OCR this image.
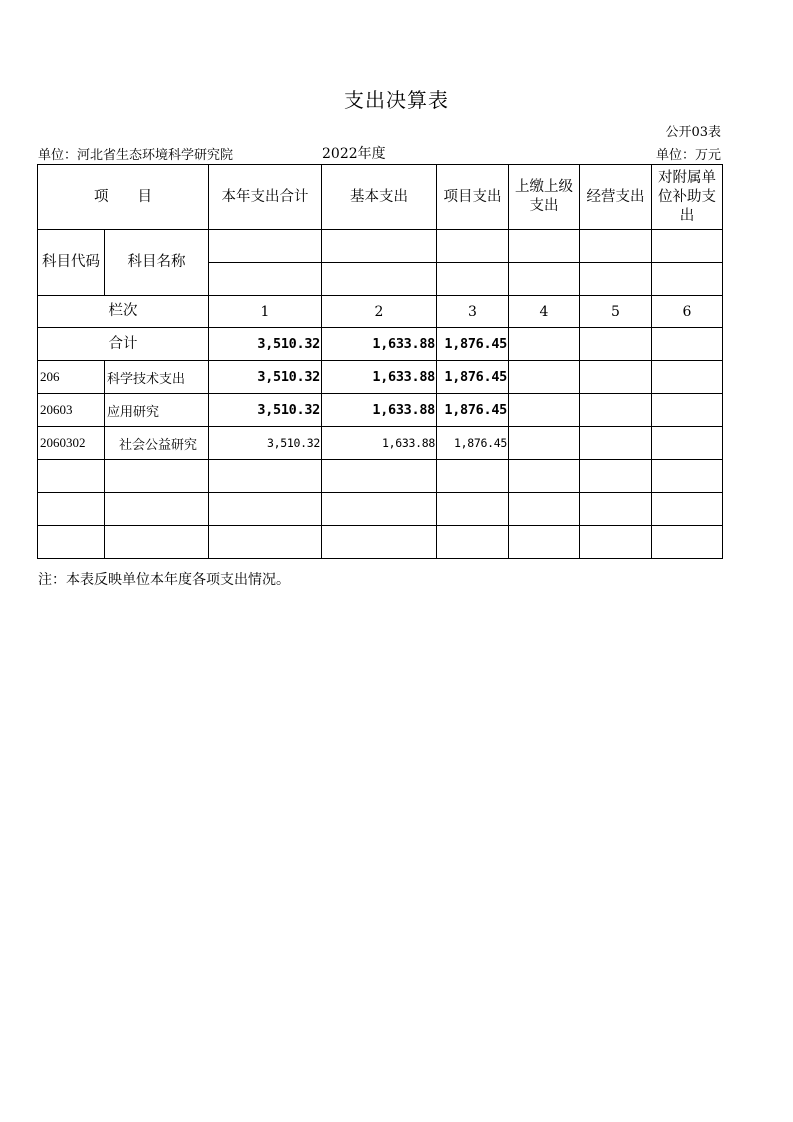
支出决算表
公开03表
单位：河北省生态环境科学研究院	2022年度	单位：万元
项　　目		本年支出合计	基本支出	项目支出	上缴上级支出	经营支出	对附属单位补助支出
科目代码	科目名称						

栏次		1	2	3	4	5	6
合计		3,510.32	1,633.88	1,876.45			
206	科学技术支出	3,510.32	1,633.88	1,876.45			
20603	应用研究	3,510.32	1,633.88	1,876.45			
2060302	社会公益研究	3,510.32	1,633.88	1,876.45			

注：本表反映单位本年度各项支出情况。
